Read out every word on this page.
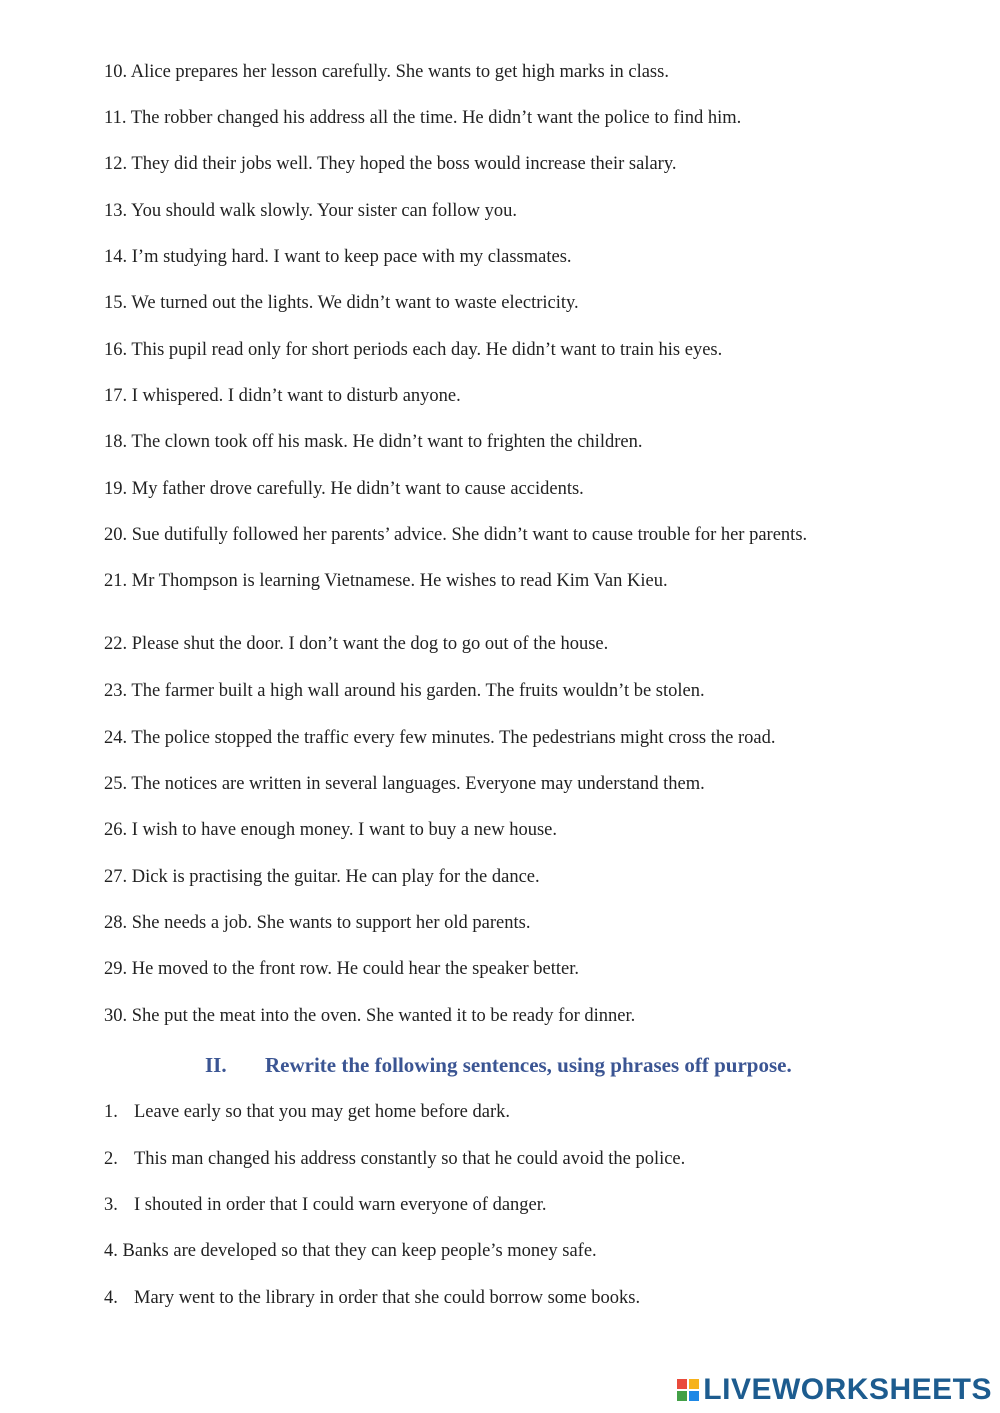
10. Alice prepares her lesson carefully. She wants to get high marks in class.
11. The robber changed his address all the time. He didn’t want the police to find him.
12. They did their jobs well. They hoped the boss would increase their salary.
13. You should walk slowly. Your sister can follow you.
14. I’m studying hard. I want to keep pace with my classmates.
15. We turned out the lights. We didn’t want to waste electricity.
16. This pupil read only for short periods each day. He didn’t want to train his eyes.
17. I whispered. I didn’t want to disturb anyone.
18. The clown took off his mask. He didn’t want to frighten the children.
19. My father drove carefully. He didn’t want to cause accidents.
20. Sue dutifully followed her parents’ advice. She didn’t want to cause trouble for her parents.
21. Mr Thompson is learning Vietnamese. He wishes to read Kim Van Kieu.
22. Please shut the door. I don’t want the dog to go out of the house.
23. The farmer built a high wall around his garden. The fruits wouldn’t be stolen.
24. The police stopped the traffic every few minutes. The pedestrians might cross the road.
25. The notices are written in several languages. Everyone may understand them.
26. I wish to have enough money. I want to buy a new house.
27. Dick is practising the guitar. He can play for the dance.
28. She needs a job. She wants to support her old parents.
29. He moved to the front row. He could hear the speaker better.
30. She put the meat into the oven. She wanted it to be ready for dinner.
II. Rewrite the following sentences, using phrases off purpose.
1. Leave early so that you may get home before dark.
2. This man changed his address constantly so that he could avoid the police.
3. I shouted in order that I could warn everyone of danger.
4. Banks are developed so that they can keep people’s money safe.
4. Mary went to the library in order that she could borrow some books.
LIVEWORKSHEETS
